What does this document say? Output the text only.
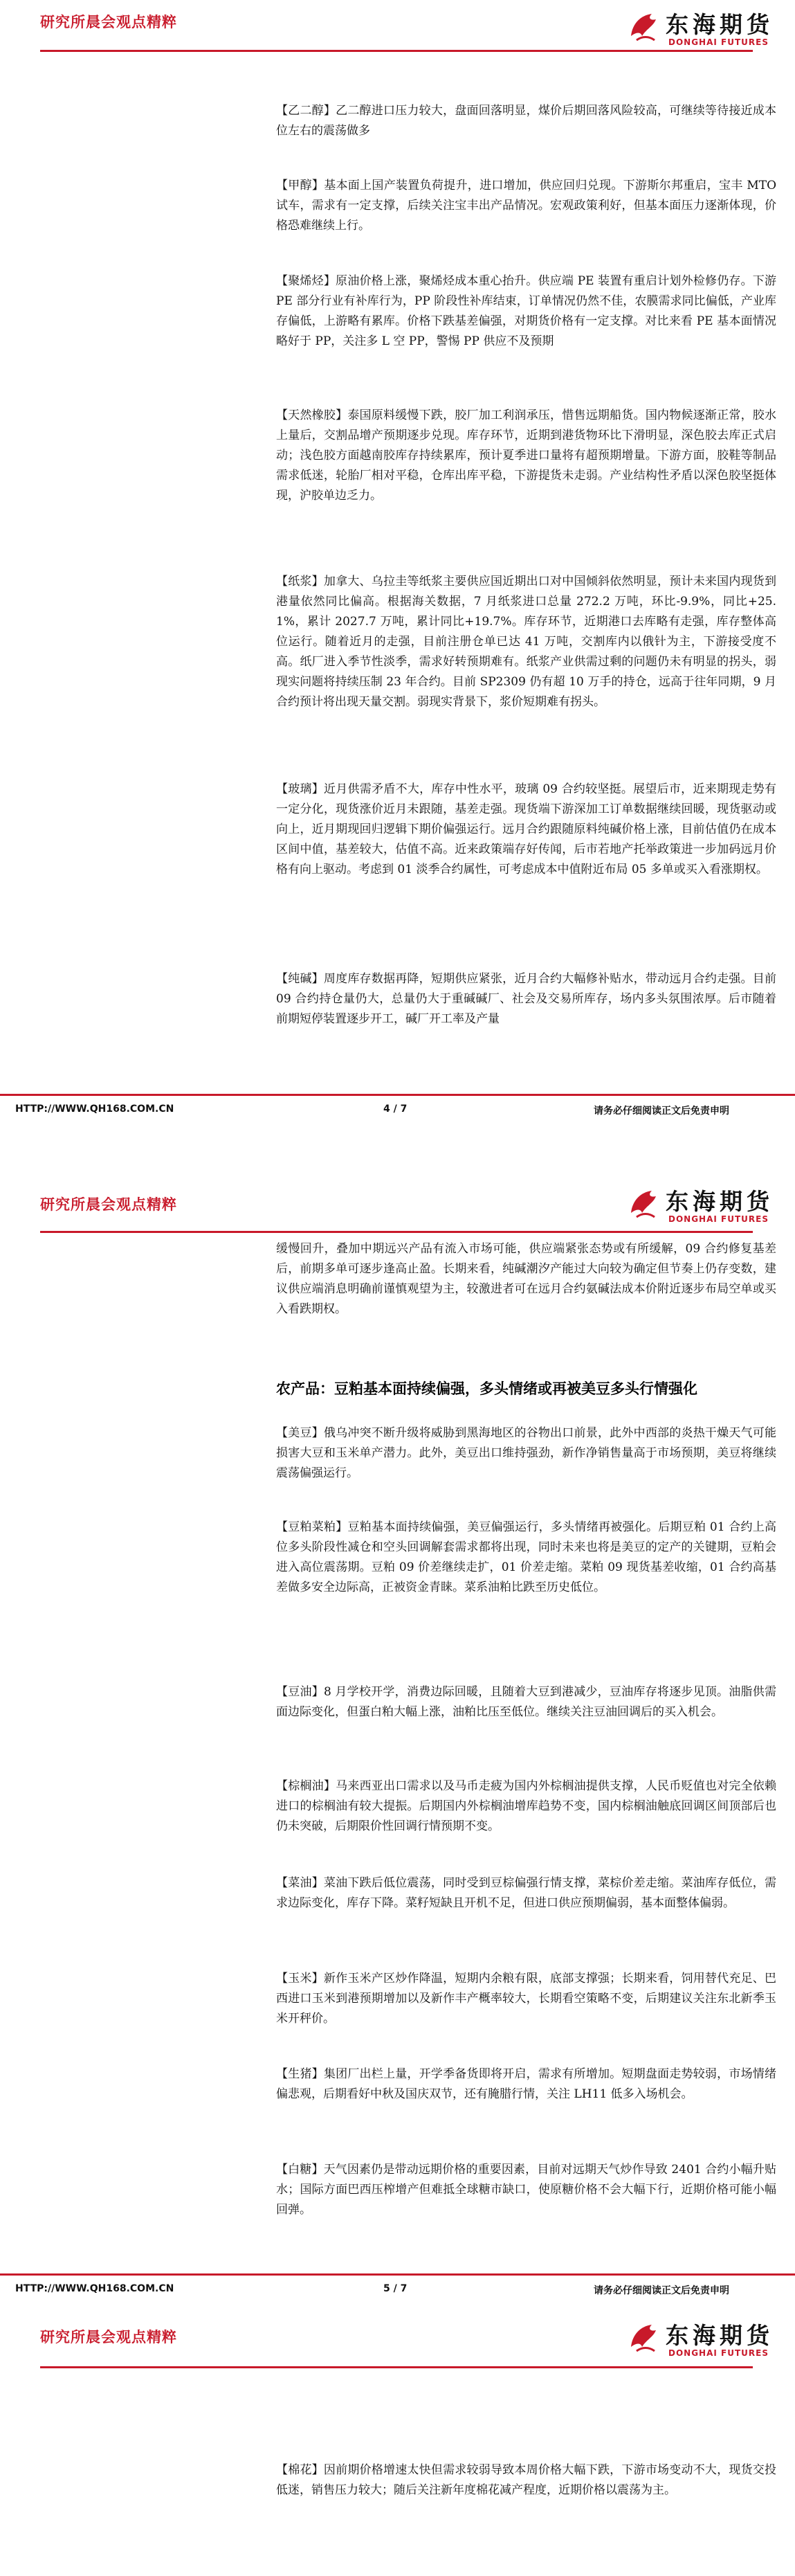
研究所晨会观点精粹	东海期货
DONGHAI FUTURES
【乙二醇】乙二醇进口压力较大，盘面回落明显，煤价后期回落风险较高，可继续等待接近成本位左右的震荡做多
【甲醇】基本面上国产装置负荷提升，进口增加，供应回归兑现。下游斯尔邦重启，宝丰 MTO 试车，需求有一定支撑，后续关注宝丰出产品情况。宏观政策利好，但基本面压力逐渐体现，价格恐难继续上行。
【聚烯烃】原油价格上涨，聚烯烃成本重心抬升。供应端 PE 装置有重启计划外检修仍存。下游 PE 部分行业有补库行为，PP 阶段性补库结束，订单情况仍然不佳，农膜需求同比偏低，产业库存偏低，上游略有累库。价格下跌基差偏强，对期货价格有一定支撑。对比来看 PE 基本面情况略好于 PP，关注多 L 空 PP，警惕 PP 供应不及预期
【天然橡胶】泰国原料缓慢下跌，胶厂加工利润承压，惜售远期船货。国内物候逐渐正常，胶水上量后，交割品增产预期逐步兑现。库存环节，近期到港货物环比下滑明显，深色胶去库正式启动；浅色胶方面越南胶库存持续累库，预计夏季进口量将有超预期增量。下游方面，胶鞋等制品需求低迷，轮胎厂相对平稳，仓库出库平稳，下游提货未走弱。产业结构性矛盾以深色胶坚挺体现，沪胶单边乏力。
【纸浆】加拿大、乌拉圭等纸浆主要供应国近期出口对中国倾斜依然明显，预计未来国内现货到港量依然同比偏高。根据海关数据，7 月纸浆进口总量 272.2 万吨，环比-9.9%，同比+25.1%，累计 2027.7 万吨，累计同比+19.7%。库存环节，近期港口去库略有走强，库存整体高位运行。随着近月的走强，目前注册仓单已达 41 万吨，交割库内以俄针为主，下游接受度不高。纸厂进入季节性淡季，需求好转预期难有。纸浆产业供需过剩的问题仍未有明显的拐头，弱现实问题将持续压制 23 年合约。目前 SP2309 仍有超 10 万手的持仓，远高于往年同期，9 月合约预计将出现天量交割。弱现实背景下，浆价短期难有拐头。
【玻璃】近月供需矛盾不大，库存中性水平，玻璃 09 合约较坚挺。展望后市，近来期现走势有一定分化，现货涨价近月未跟随，基差走强。现货端下游深加工订单数据继续回暖，现货驱动或向上，近月期现回归逻辑下期价偏强运行。远月合约跟随原料纯碱价格上涨，目前估值仍在成本区间中值，基差较大，估值不高。近来政策端存好传闻，后市若地产托举政策进一步加码远月价格有向上驱动。考虑到 01 淡季合约属性，可考虑成本中值附近布局 05 多单或买入看涨期权。
【纯碱】周度库存数据再降，短期供应紧张，近月合约大幅修补贴水，带动远月合约走强。目前 09 合约持仓量仍大，总量仍大于重碱碱厂、社会及交易所库存，场内多头氛围浓厚。后市随着前期短停装置逐步开工，碱厂开工率及产量
HTTP://WWW.QH168.COM.CN	4 / 7	请务必仔细阅读正文后免责申明
研究所晨会观点精粹	东海期货
DONGHAI FUTURES
缓慢回升，叠加中期远兴产品有流入市场可能，供应端紧张态势或有所缓解，09 合约修复基差后，前期多单可逐步逢高止盈。长期来看，纯碱潮汐产能过大向较为确定但节奏上仍存变数，建议供应端消息明确前谨慎观望为主，较激进者可在远月合约氨碱法成本价附近逐步布局空单或买入看跌期权。
农产品：豆粕基本面持续偏强，多头情绪或再被美豆多头行情强化
【美豆】俄乌冲突不断升级将威胁到黑海地区的谷物出口前景，此外中西部的炎热干燥天气可能损害大豆和玉米单产潜力。此外，美豆出口维持强劲，新作净销售量高于市场预期，美豆将继续震荡偏强运行。
【豆粕菜粕】豆粕基本面持续偏强，美豆偏强运行，多头情绪再被强化。后期豆粕 01 合约上高位多头阶段性减仓和空头回调解套需求都将出现，同时未来也将是美豆的定产的关键期，豆粕会进入高位震荡期。豆粕 09 价差继续走扩，01 价差走缩。菜粕 09 现货基差收缩，01 合约高基差做多安全边际高，正被资金青睐。菜系油粕比跌至历史低位。
【豆油】8 月学校开学，消费边际回暖，且随着大豆到港减少，豆油库存将逐步见顶。油脂供需面边际变化，但蛋白粕大幅上涨，油粕比压至低位。继续关注豆油回调后的买入机会。
【棕榈油】马来西亚出口需求以及马币走疲为国内外棕榈油提供支撑，人民币贬值也对完全依赖进口的棕榈油有较大提振。后期国内外棕榈油增库趋势不变，国内棕榈油触底回调区间顶部后也仍未突破，后期限价性回调行情预期不变。
【菜油】菜油下跌后低位震荡，同时受到豆棕偏强行情支撑，菜棕价差走缩。菜油库存低位，需求边际变化，库存下降。菜籽短缺且开机不足，但进口供应预期偏弱，基本面整体偏弱。
【玉米】新作玉米产区炒作降温，短期内余粮有限，底部支撑强；长期来看，饲用替代充足、巴西进口玉米到港预期增加以及新作丰产概率较大，长期看空策略不变，后期建议关注东北新季玉米开秤价。
【生猪】集团厂出栏上量，开学季备货即将开启，需求有所增加。短期盘面走势较弱，市场情绪偏悲观，后期看好中秋及国庆双节，还有腌腊行情，关注 LH11 低多入场机会。
【白糖】天气因素仍是带动远期价格的重要因素，目前对远期天气炒作导致 2401 合约小幅升贴水；国际方面巴西压榨增产但难抵全球糖市缺口，使原糖价格不会大幅下行，近期价格可能小幅回弹。
HTTP://WWW.QH168.COM.CN	5 / 7	请务必仔细阅读正文后免责申明
研究所晨会观点精粹	东海期货
DONGHAI FUTURES
【棉花】因前期价格增速太快但需求较弱导致本周价格大幅下跌，下游市场变动不大，现货交投低迷，销售压力较大；随后关注新年度棉花减产程度，近期价格以震荡为主。
